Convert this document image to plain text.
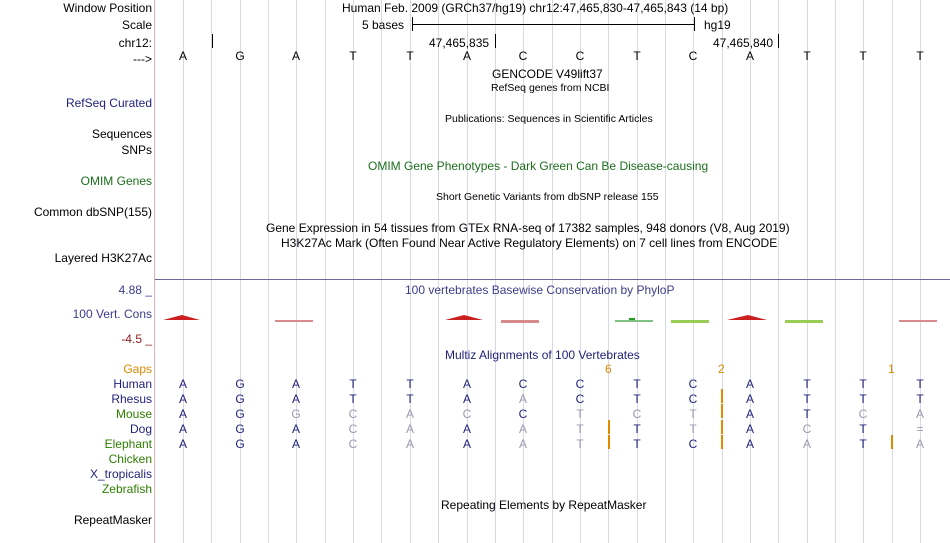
Window Position	Human Feb. 2009 (GRCh37/hg19) chr12:47,465,830-47,465,843 (14 bp)
Scale	5 bases	hg19
chr12:	47,465,835	47,465,840
--->	A	G	A	T	T	A	C	C	T	C	A	T	T	T
GENCODE V49lift37
RefSeq genes from NCBI
RefSeq Curated
Publications: Sequences in Scientific Articles
Sequences
SNPs
OMIM Gene Phenotypes - Dark Green Can Be Disease-causing
OMIM Genes
Short Genetic Variants from dbSNP release 155
Common dbSNP(155)
Gene Expression in 54 tissues from GTEx RNA-seq of 17382 samples, 948 donors (V8, Aug 2019)
H3K27Ac Mark (Often Found Near Active Regulatory Elements) on 7 cell lines from ENCODE
Layered H3K27Ac
4.88 _	100 vertebrates Basewise Conservation by PhyloP
100 Vert. Cons
-4.5 _
Multiz Alignments of 100 Vertebrates
Gaps	6	2	1
Human	A	G	A	T	T	A	C	C	T	C	A	T	T	T
Rhesus	A	G	A	T	T	A	A	C	T	C	A	T	T	T
Mouse	A	G	G	C	A	C	C	T	C	T	A	T	C	A
Dog	A	G	A	C	A	A	A	T	T	T	A	C	T	=
Elephant	A	G	A	C	A	A	A	T	T	C	A	A	T	A
Chicken
X_tropicalis
Zebrafish
Repeating Elements by RepeatMasker
RepeatMasker
